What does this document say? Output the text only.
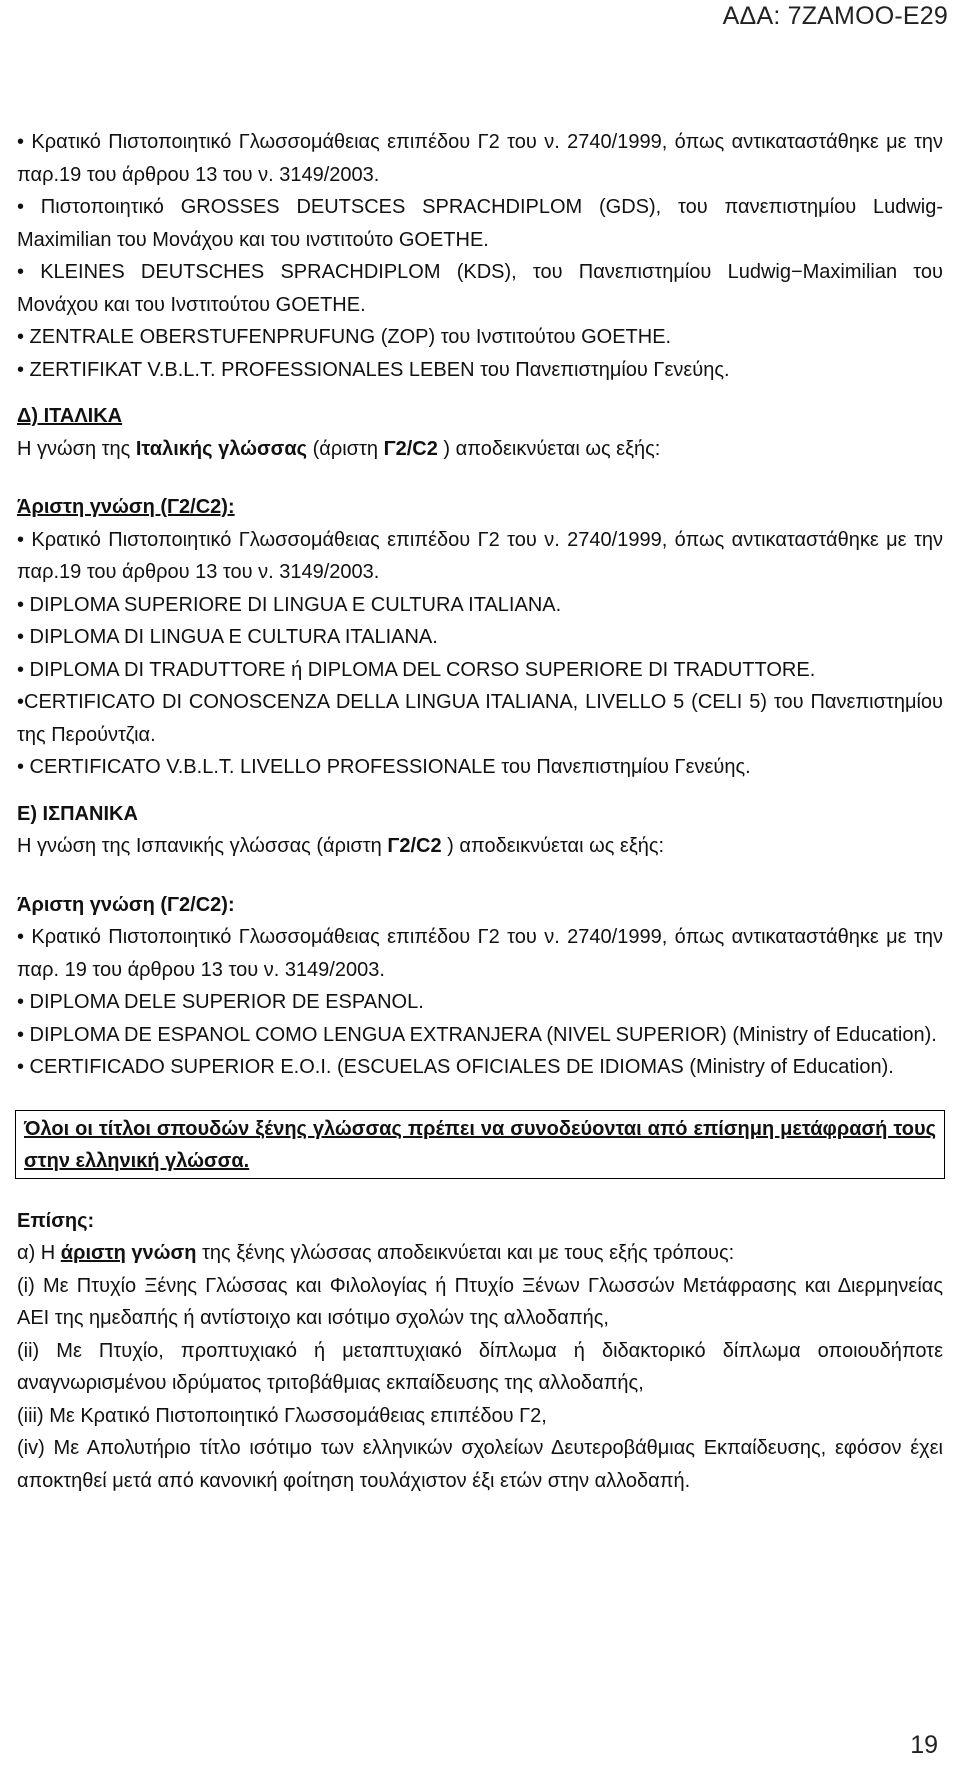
ΑΔΑ: 7ΖΑΜΟΟ-Ε29

• Κρατικό Πιστοποιητικό Γλωσσομάθειας επιπέδου Γ2 του ν. 2740/1999, όπως αντικαταστάθηκε με την παρ.19 του άρθρου 13 του ν. 3149/2003.

• Πιστοποιητικό GROSSES DEUTSCES SPRACHDIPLOM (GDS), του πανεπιστημίου Ludwig-Maximilian του Μονάχου και του ινστιτούτο GOETHE.

• KLEINES DEUTSCHES SPRACHDIPLOM (KDS), του Πανεπιστημίου Ludwig−Maximilian του Μονάχου και του Ινστιτούτου GOETHE.

• ZENTRALE OBERSTUFENPRUFUNG (ZOP) του Ινστιτούτου GOETHE.

• ZERTIFIKAT V.B.L.T. PROFESSIONALES LEBEN του Πανεπιστημίου Γενεύης.

Δ) ΙΤΑΛΙΚΑ

Η γνώση της Ιταλικής γλώσσας (άριστη Γ2/C2 ) αποδεικνύεται ως εξής:

Άριστη γνώση (Γ2/C2):

• Κρατικό Πιστοποιητικό Γλωσσομάθειας επιπέδου Γ2 του ν. 2740/1999, όπως αντικαταστάθηκε με την παρ.19 του άρθρου 13 του ν. 3149/2003.

• DIPLOMA SUPERIORE DI LINGUA E CULTURA ITALIANA.

• DIPLOMA DI LINGUA E CULTURA ITALIANA.

• DIPLOMA DI TRADUTTORE ή DIPLOMA DEL CORSO SUPERIORE DI TRADUTTORE.

•CERTIFICATO DI CONOSCENZA DELLA LINGUA ITALIANA, LIVELLO 5 (CELI 5) του Πανεπιστημίου της Περούντζια.

• CERTIFICATO V.B.L.T. LIVELLO PROFESSIONALE του Πανεπιστημίου Γενεύης.

Ε) ΙΣΠΑΝΙΚΑ

Η γνώση της Ισπανικής γλώσσας (άριστη Γ2/C2 ) αποδεικνύεται ως εξής:

Άριστη γνώση (Γ2/C2):

• Κρατικό Πιστοποιητικό Γλωσσομάθειας επιπέδου Γ2 του ν. 2740/1999, όπως αντικαταστάθηκε με την παρ. 19 του άρθρου 13 του ν. 3149/2003.

• DIPLOMA DELE SUPERIOR DE ESPANOL.

• DIPLOMA DE ESPANOL COMO LENGUA EXTRANJERA (NIVEL SUPERIOR) (Ministry of Education).

• CERTIFICADO SUPERIOR E.O.I. (ESCUELAS OFICIALES DE IDIOMAS (Ministry of Education).

Όλοι οι τίτλοι σπουδών ξένης γλώσσας πρέπει να συνοδεύονται από επίσημη μετάφρασή τους στην ελληνική γλώσσα.

Επίσης:

α) Η άριστη γνώση της ξένης γλώσσας αποδεικνύεται και με τους εξής τρόπους:

(i) Με Πτυχίο Ξένης Γλώσσας και Φιλολογίας ή Πτυχίο Ξένων Γλωσσών Μετάφρασης και Διερμηνείας ΑΕΙ της ημεδαπής ή αντίστοιχο και ισότιμο σχολών της αλλοδαπής,

(ii) Με Πτυχίο, προπτυχιακό ή μεταπτυχιακό δίπλωμα ή διδακτορικό δίπλωμα οποιουδήποτε αναγνωρισμένου ιδρύματος τριτοβάθμιας εκπαίδευσης της αλλοδαπής,

(iii) Με Κρατικό Πιστοποιητικό Γλωσσομάθειας επιπέδου Γ2,

(iv) Με Απολυτήριο τίτλο ισότιμο των ελληνικών σχολείων Δευτεροβάθμιας Εκπαίδευσης, εφόσον έχει αποκτηθεί μετά από κανονική φοίτηση τουλάχιστον έξι ετών στην αλλοδαπή.

19
